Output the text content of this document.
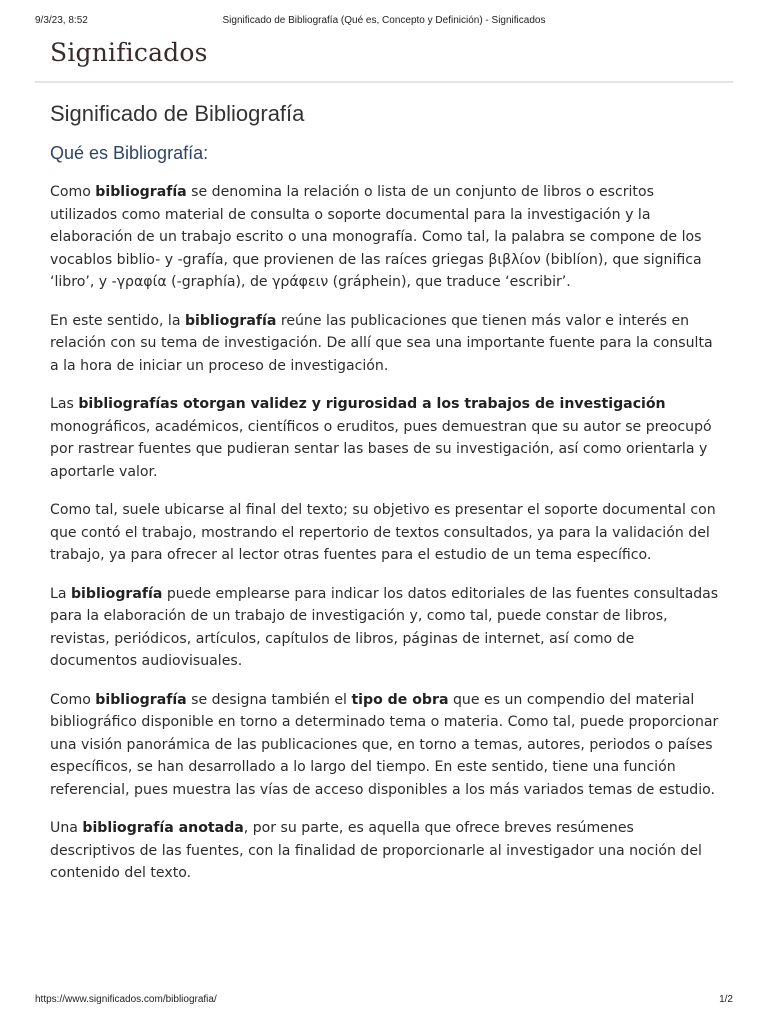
9/3/23, 8:52	Significado de Bibliografía (Qué es, Concepto y Definición) - Significados
Significados
Significado de Bibliografía
Qué es Bibliografía:

Como bibliografía se denomina la relación o lista de un conjunto de libros o escritos utilizados como material de consulta o soporte documental para la investigación y la elaboración de un trabajo escrito o una monografía. Como tal, la palabra se compone de los vocablos biblio- y -grafía, que provienen de las raíces griegas βιβλίον (biblíon), que significa ‘libro’, y -γραφία (-graphía), de γράφειν (gráphein), que traduce ‘escribir’.

En este sentido, la bibliografía reúne las publicaciones que tienen más valor e interés en relación con su tema de investigación. De allí que sea una importante fuente para la consulta a la hora de iniciar un proceso de investigación.

Las bibliografías otorgan validez y rigurosidad a los trabajos de investigación monográficos, académicos, científicos o eruditos, pues demuestran que su autor se preocupó por rastrear fuentes que pudieran sentar las bases de su investigación, así como orientarla y aportarle valor.

Como tal, suele ubicarse al final del texto; su objetivo es presentar el soporte documental con que contó el trabajo, mostrando el repertorio de textos consultados, ya para la validación del trabajo, ya para ofrecer al lector otras fuentes para el estudio de un tema específico.

La bibliografía puede emplearse para indicar los datos editoriales de las fuentes consultadas para la elaboración de un trabajo de investigación y, como tal, puede constar de libros, revistas, periódicos, artículos, capítulos de libros, páginas de internet, así como de documentos audiovisuales.

Como bibliografía se designa también el tipo de obra que es un compendio del material bibliográfico disponible en torno a determinado tema o materia. Como tal, puede proporcionar una visión panorámica de las publicaciones que, en torno a temas, autores, periodos o países específicos, se han desarrollado a lo largo del tiempo. En este sentido, tiene una función referencial, pues muestra las vías de acceso disponibles a los más variados temas de estudio.

Una bibliografía anotada, por su parte, es aquella que ofrece breves resúmenes descriptivos de las fuentes, con la finalidad de proporcionarle al investigador una noción del contenido del texto.

https://www.significados.com/bibliografia/	1/2
